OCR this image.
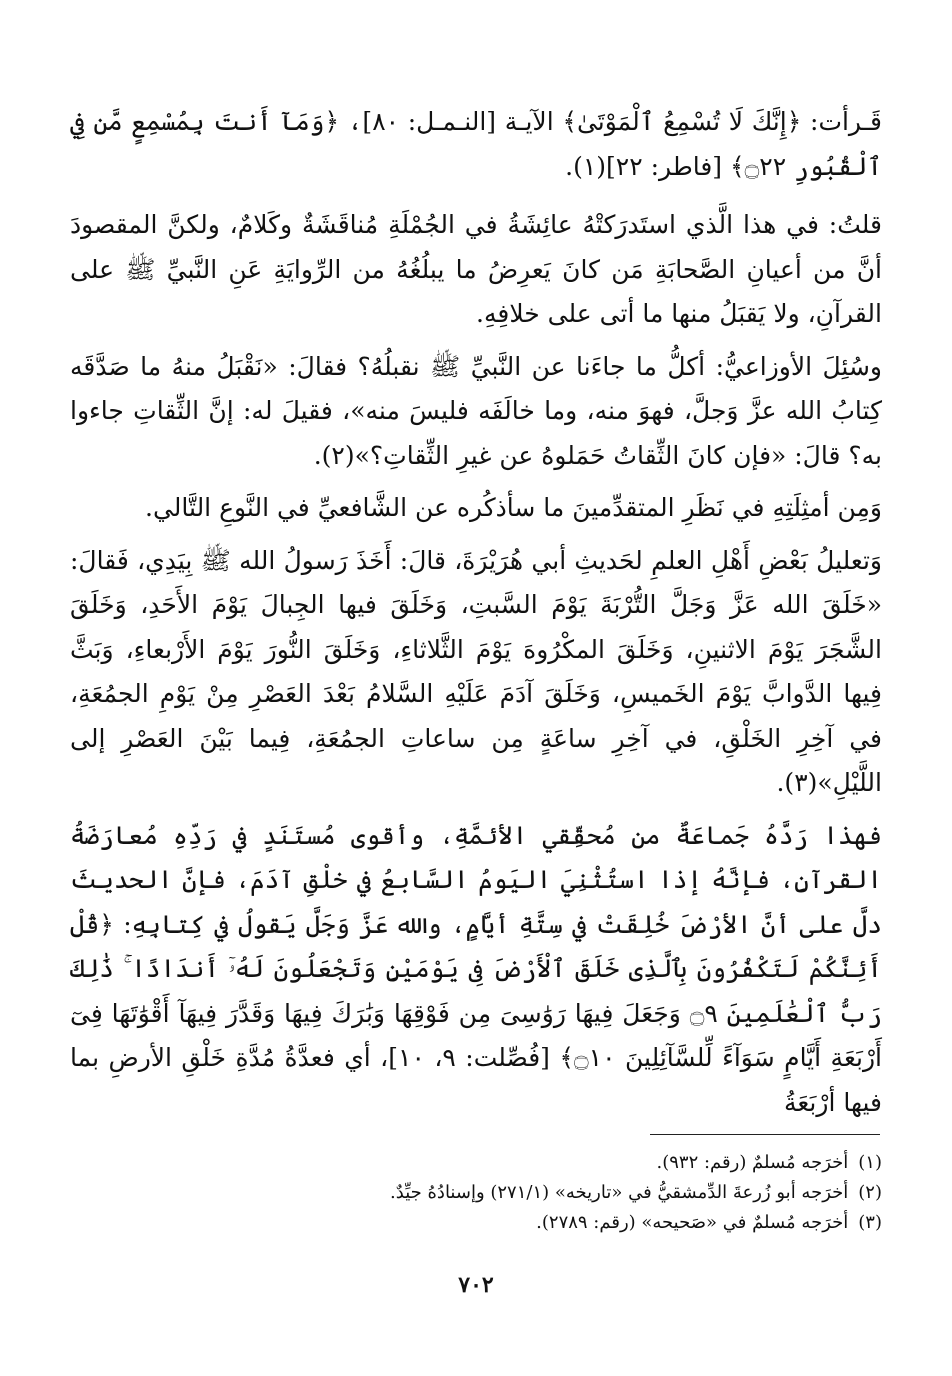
قَـرأت: ﴿إِنَّكَ لَا تُسْمِعُ ٱلْمَوْتَىٰ﴾ الآيـة [النـمـل: ٨٠]، ﴿وَمَآ أَنتَ بِمُسْمِعٍ مَّن فِي ٱلْقُبُورِ ۝٢٢﴾ [فاطر: ٢٢](١).

قلتُ: في هذا الَّذي استَدرَكتْهُ عائِشَةُ في الجُمْلَةِ مُناقَشَةٌ وكَلامٌ، ولكنَّ المقصودَ أنَّ من أعيانِ الصَّحابَةِ مَن كانَ يَعرِضُ ما يبلُغُهُ من الرِّوايَةِ عَنِ النَّبيِّ ﷺ على القرآنِ، ولا يَقبَلُ منها ما أتى على خلافِهِ.

وسُئِلَ الأوزاعيُّ: أكلُّ ما جاءَنا عن النَّبيِّ ﷺ نقبلُهُ؟ فقالَ: «نَقْبَلُ منهُ ما صَدَّقَه كِتابُ الله عزَّ وَجلَّ، فهوَ منه، وما خالَفَه فليسَ منه»، فقيلَ له: إنَّ الثِّقاتِ جاءوا به؟ قالَ: «فإن كانَ الثِّقاتُ حَمَلوهُ عن غيرِ الثِّقاتِ؟»(٢).

وَمِن أمثِلَتِهِ في نَظَرِ المتقدِّمينَ ما سأذكُره عن الشَّافعيِّ في النَّوعِ التَّالي.

وَتعليلُ بَعْضِ أَهْلِ العلمِ لحَديثِ أبي هُرَيْرَةَ، قالَ: أَخَذَ رَسولُ الله ﷺ بِيَدِي، فَقالَ: «خَلَقَ الله عَزَّ وَجَلَّ التُّرْبَةَ يَوْمَ السَّبتِ، وَخَلَقَ فيها الجِبالَ يَوْمَ الأَحَدِ، وَخَلَقَ الشَّجَرَ يَوْمَ الاثنينِ، وَخَلَقَ المكْرُوهَ يَوْمَ الثَّلاثاءِ، وَخَلَقَ النُّورَ يَوْمَ الأَرْبعاءِ، وَبَثَّ فِيها الدَّوابَّ يَوْمَ الخَميسِ، وَخَلَقَ آدَمَ عَلَيْهِ السَّلامُ بَعْدَ العَصْرِ مِنْ يَوْمِ الجمُعَةِ، في آخِرِ الخَلْقِ، في آخِرِ ساعَةٍ مِن ساعاتِ الجمُعَةِ، فِيما بَيْنَ العَصْرِ إلى اللَّيْلِ»(٣).

فهذا رَدَّهُ جَماعَةٌ من مُحقِّقي الأئمَّةِ، وأقوى مُستَنَدٍ في رَدِّهِ مُعارَضَةُ القرآنِ، فإنَّهُ إذا استُثْنِيَ اليَومُ السَّابعُ في خلْقِ آدَمَ، فإنَّ الحديثَ دلَّ على أنَّ الأرْضَ خُلِقَتْ في سِتَّةِ أيَّامٍ، والله عَزَّ وَجَلَّ يَقولُ في كِتابِهِ: ﴿قُلْ أَئِنَّكُمْ لَتَكْفُرُونَ بِٱلَّذِى خَلَقَ ٱلْأَرْضَ فِى يَوْمَيْنِ وَتَجْعَلُونَ لَهُۥٓ أَندَادًا ۚ ذَٰلِكَ رَبُّ ٱلْعَٰلَمِينَ ۝٩ وَجَعَلَ فِيهَا رَوَٰسِىَ مِن فَوْقِهَا وَبَٰرَكَ فِيهَا وَقَدَّرَ فِيهَآ أَقْوَٰتَهَا فِىٓ أَرْبَعَةِ أَيَّامٍ سَوَآءً لِّلسَّآئِلِينَ ۝١٠﴾ [فُصِّلت: ٩، ١٠]، أي فعدَّةُ مُدَّةِ خَلْقِ الأرضِ بما فيها أرْبَعَةُ

(١)أخرَجه مُسلمٌ (رقم: ٩٣٢).

(٢)أخرَجه أبو زُرعةَ الدِّمشقيُّ في «تاريخه» (٢٧١/١) وإسنادُهُ جيِّدٌ.

(٣)أخرَجه مُسلمٌ في «صَحيحه» (رقم: ٢٧٨٩).

٧٠٢
